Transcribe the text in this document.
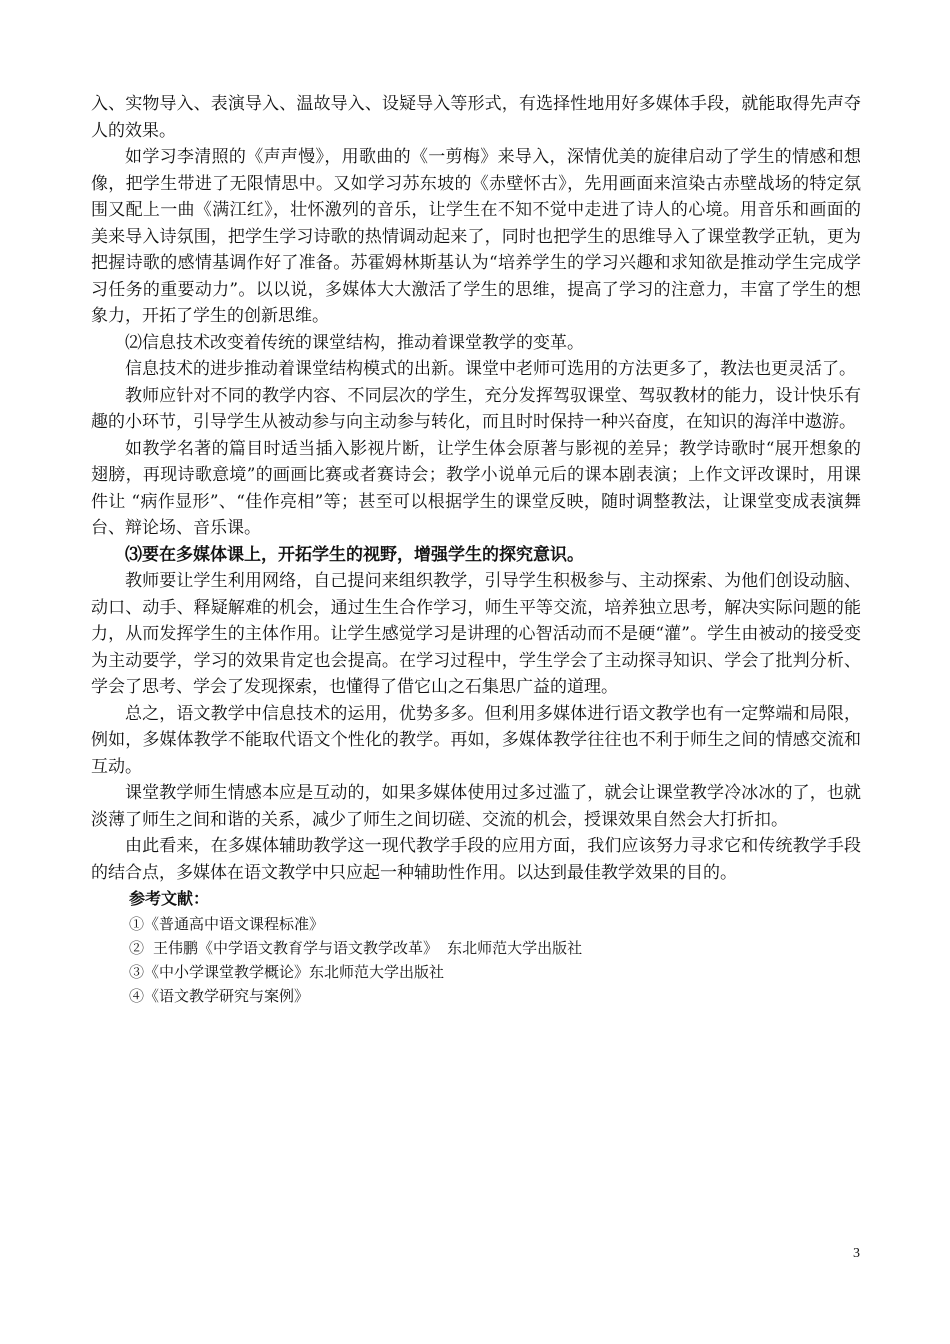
入、实物导入、表演导入、温故导入、设疑导入等形式，有选择性地用好多媒体手段，就能取得先声夺人的效果。

如学习李清照的《声声慢》，用歌曲的《一剪梅》来导入，深情优美的旋律启动了学生的情感和想像，把学生带进了无限情思中。又如学习苏东坡的《赤壁怀古》，先用画面来渲染古赤壁战场的特定氛围又配上一曲《满江红》，壮怀激列的音乐，让学生在不知不觉中走进了诗人的心境。用音乐和画面的美来导入诗氛围，把学生学习诗歌的热情调动起来了，同时也把学生的思维导入了课堂教学正轨，更为把握诗歌的感情基调作好了准备。苏霍姆林斯基认为“培养学生的学习兴趣和求知欲是推动学生完成学习任务的重要动力”。以以说，多媒体大大激活了学生的思维，提高了学习的注意力，丰富了学生的想象力，开拓了学生的创新思维。

⑵信息技术改变着传统的课堂结构，推动着课堂教学的变革。

信息技术的进步推动着课堂结构模式的出新。课堂中老师可选用的方法更多了，教法也更灵活了。

教师应针对不同的教学内容、不同层次的学生，充分发挥驾驭课堂、驾驭教材的能力，设计快乐有趣的小环节，引导学生从被动参与向主动参与转化，而且时时保持一种兴奋度，在知识的海洋中遨游。

如教学名著的篇目时适当插入影视片断，让学生体会原著与影视的差异；教学诗歌时“展开想象的翅膀，再现诗歌意境”的画画比赛或者赛诗会；教学小说单元后的课本剧表演；上作文评改课时，用课件让 “病作显形”、“佳作亮相”等；甚至可以根据学生的课堂反映，随时调整教法，让课堂变成表演舞台、辩论场、音乐课。

⑶要在多媒体课上，开拓学生的视野，增强学生的探究意识。

教师要让学生利用网络，自己提问来组织教学，引导学生积极参与、主动探索、为他们创设动脑、动口、动手、释疑解难的机会，通过生生合作学习，师生平等交流，培养独立思考，解决实际问题的能力，从而发挥学生的主体作用。让学生感觉学习是讲理的心智活动而不是硬“灌”。学生由被动的接受变为主动要学，学习的效果肯定也会提高。在学习过程中，学生学会了主动探寻知识、学会了批判分析、学会了思考、学会了发现探索，也懂得了借它山之石集思广益的道理。

总之，语文教学中信息技术的运用，优势多多。但利用多媒体进行语文教学也有一定弊端和局限，例如，多媒体教学不能取代语文个性化的教学。再如，多媒体教学往往也不利于师生之间的情感交流和互动。

课堂教学师生情感本应是互动的，如果多媒体使用过多过滥了，就会让课堂教学冷冰冰的了，也就淡薄了师生之间和谐的关系，减少了师生之间切磋、交流的机会，授课效果自然会大打折扣。

由此看来，在多媒体辅助教学这一现代教学手段的应用方面，我们应该努力寻求它和传统教学手段的结合点，多媒体在语文教学中只应起一种辅助性作用。以达到最佳教学效果的目的。

参考文献：
①《普通高中语文课程标准》
② 王伟鹏《中学语文教育学与语文教学改革》 东北师范大学出版社
③《中小学课堂教学概论》东北师范大学出版社
④《语文教学研究与案例》
3
